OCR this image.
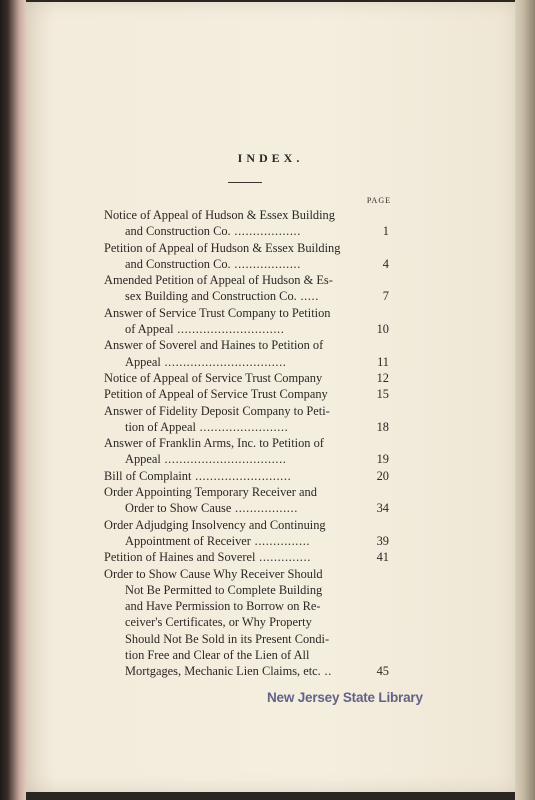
INDEX.
PAGE
Notice of Appeal of Hudson & Essex Building
and Construction Co. ..................	1
Petition of Appeal of Hudson & Essex Building
and Construction Co. ..................	4
Amended Petition of Appeal of Hudson & Es-
sex Building and Construction Co. .....	7
Answer of Service Trust Company to Petition
of Appeal .............................	10
Answer of Soverel and Haines to Petition of
Appeal .................................	11
Notice of Appeal of Service Trust Company	12
Petition of Appeal of Service Trust Company	15
Answer of Fidelity Deposit Company to Peti-
tion of Appeal ........................	18
Answer of Franklin Arms, Inc. to Petition of
Appeal .................................	19
Bill of Complaint ..........................	20
Order Appointing Temporary Receiver and
Order to Show Cause .................	34
Order Adjudging Insolvency and Continuing
Appointment of Receiver ...............	39
Petition of Haines and Soverel ..............	41
Order to Show Cause Why Receiver Should
Not Be Permitted to Complete Building
and Have Permission to Borrow on Re-
ceiver's Certificates, or Why Property
Should Not Be Sold in its Present Condi-
tion Free and Clear of the Lien of All
Mortgages, Mechanic Lien Claims, etc. ..	45
New Jersey State Library
